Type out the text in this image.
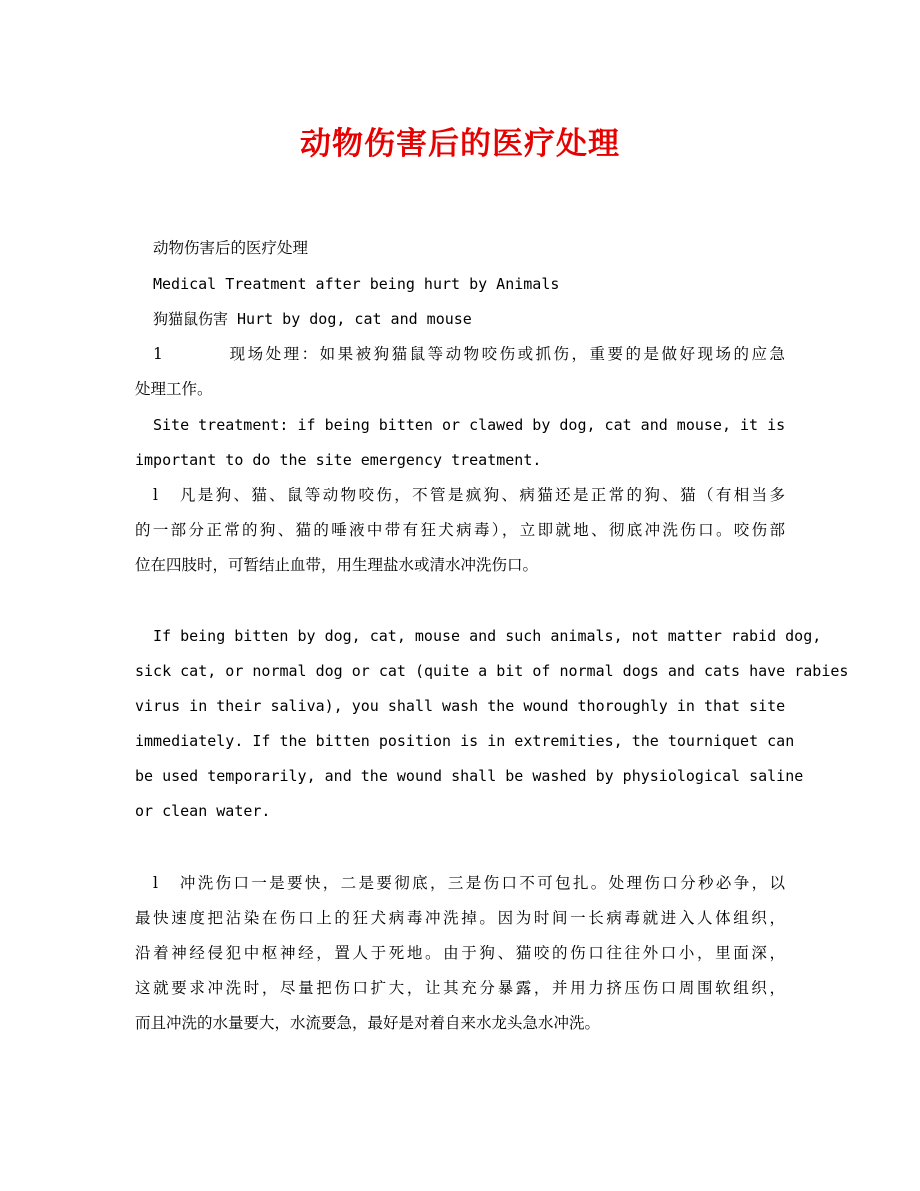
动物伤害后的医疗处理
动物伤害后的医疗处理
Medical Treatment after being hurt by Animals
狗猫鼠伤害 Hurt by dog, cat and mouse
1         现场处理：如果被狗猫鼠等动物咬伤或抓伤，重要的是做好现场的应急
处理工作。
Site treatment: if being bitten or clawed by dog, cat and mouse, it is
important to do the site emergency treatment.
l   凡是狗、猫、鼠等动物咬伤，不管是疯狗、病猫还是正常的狗、猫（有相当多
的一部分正常的狗、猫的唾液中带有狂犬病毒），立即就地、彻底冲洗伤口。咬伤部
位在四肢时，可暂结止血带，用生理盐水或清水冲洗伤口。
If being bitten by dog, cat, mouse and such animals, not matter rabid dog,
sick cat, or normal dog or cat (quite a bit of normal dogs and cats have rabies
virus in their saliva), you shall wash the wound thoroughly in that site
immediately. If the bitten position is in extremities, the tourniquet can
be used temporarily, and the wound shall be washed by physiological saline
or clean water.
l   冲洗伤口一是要快，二是要彻底，三是伤口不可包扎。处理伤口分秒必争，以
最快速度把沾染在伤口上的狂犬病毒冲洗掉。因为时间一长病毒就进入人体组织，
沿着神经侵犯中枢神经，置人于死地。由于狗、猫咬的伤口往往外口小，里面深，
这就要求冲洗时，尽量把伤口扩大，让其充分暴露，并用力挤压伤口周围软组织，
而且冲洗的水量要大，水流要急，最好是对着自来水龙头急水冲洗。
